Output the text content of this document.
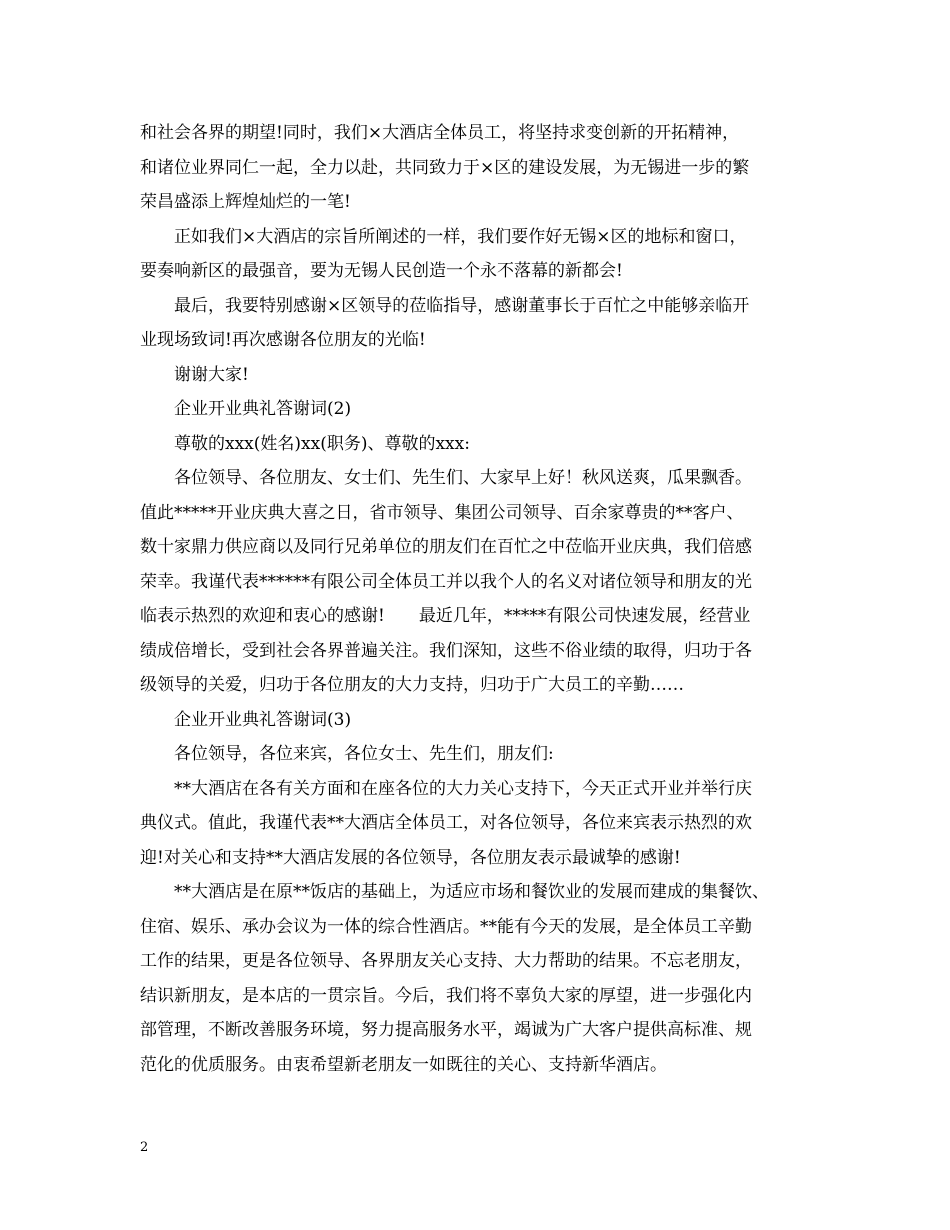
和社会各界的期望!同时，我们×大酒店全体员工，将坚持求变创新的开拓精神，
和诸位业界同仁一起，全力以赴，共同致力于×区的建设发展，为无锡进一步的繁
荣昌盛添上辉煌灿烂的一笔!
正如我们×大酒店的宗旨所阐述的一样，我们要作好无锡×区的地标和窗口，
要奏响新区的最强音，要为无锡人民创造一个永不落幕的新都会!
最后，我要特别感谢×区领导的莅临指导，感谢董事长于百忙之中能够亲临开
业现场致词!再次感谢各位朋友的光临!
谢谢大家!
企业开业典礼答谢词(2)
尊敬的xxx(姓名)xx(职务)、尊敬的xxx:
各位领导、各位朋友、女士们、先生们、大家早上好！秋风送爽，瓜果飘香。
值此*****开业庆典大喜之日，省市领导、集团公司领导、百余家尊贵的**客户、
数十家鼎力供应商以及同行兄弟单位的朋友们在百忙之中莅临开业庆典，我们倍感
荣幸。我谨代表******有限公司全体员工并以我个人的名义对诸位领导和朋友的光
临表示热烈的欢迎和衷心的感谢!　　最近几年，*****有限公司快速发展，经营业
绩成倍增长，受到社会各界普遍关注。我们深知，这些不俗业绩的取得，归功于各
级领导的关爱，归功于各位朋友的大力支持，归功于广大员工的辛勤……
企业开业典礼答谢词(3)
各位领导，各位来宾，各位女士、先生们，朋友们:
**大酒店在各有关方面和在座各位的大力关心支持下，今天正式开业并举行庆
典仪式。值此，我谨代表**大酒店全体员工，对各位领导，各位来宾表示热烈的欢
迎!对关心和支持**大酒店发展的各位领导，各位朋友表示最诚挚的感谢!
**大酒店是在原**饭店的基础上，为适应市场和餐饮业的发展而建成的集餐饮、
住宿、娱乐、承办会议为一体的综合性酒店。**能有今天的发展，是全体员工辛勤
工作的结果，更是各位领导、各界朋友关心支持、大力帮助的结果。不忘老朋友，
结识新朋友，是本店的一贯宗旨。今后，我们将不辜负大家的厚望，进一步强化内
部管理，不断改善服务环境，努力提高服务水平，竭诚为广大客户提供高标准、规
范化的优质服务。由衷希望新老朋友一如既往的关心、支持新华酒店。
2
